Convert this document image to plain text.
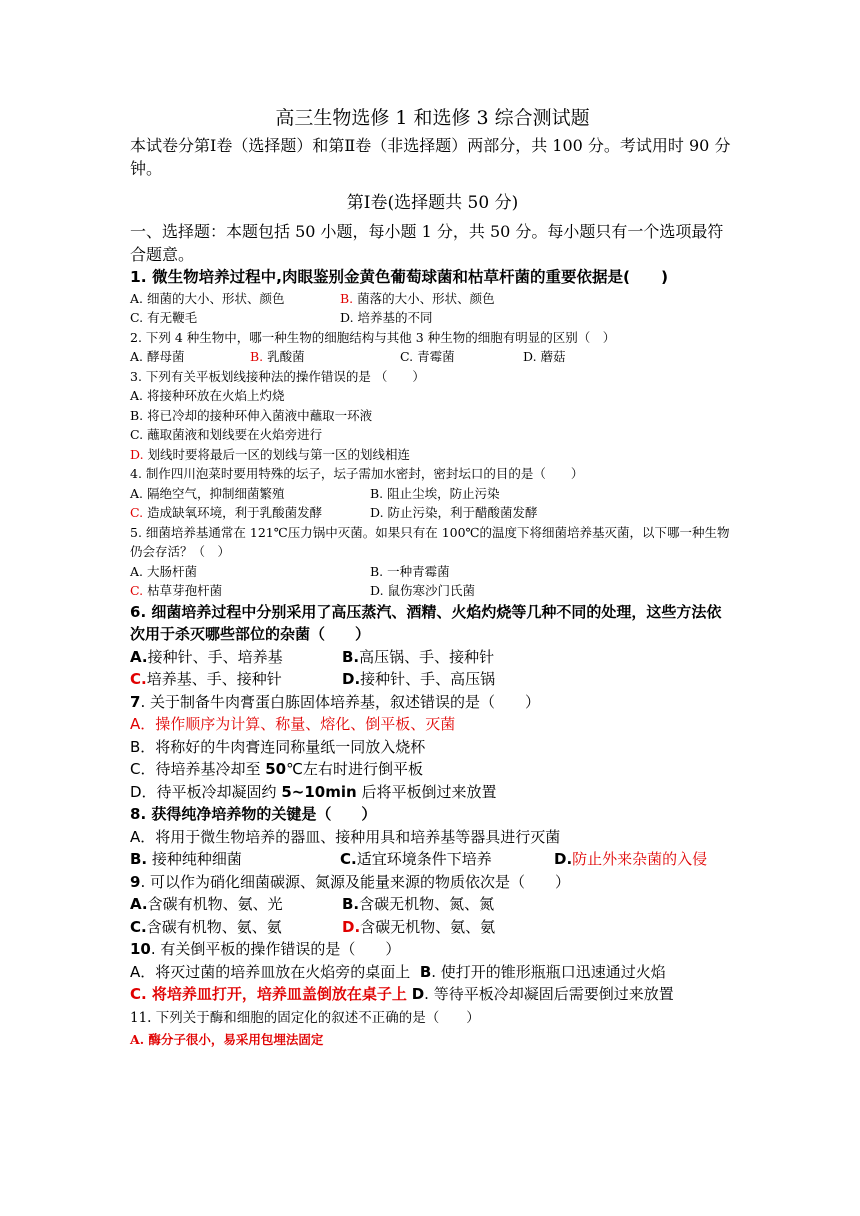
高三生物选修 1 和选修 3 综合测试题
本试卷分第Ⅰ卷（选择题）和第Ⅱ卷（非选择题）两部分，共 100 分。考试用时 90 分钟。
第Ⅰ卷(选择题共 50 分)
一、选择题：本题包括 50 小题，每小题 1 分，共 50 分。每小题只有一个选项最符合题意。
1. 微生物培养过程中,肉眼鉴别金黄色葡萄球菌和枯草杆菌的重要依据是(　　)
A. 细菌的大小、形状、颜色	B. 菌落的大小、形状、颜色
C. 有无鞭毛	D. 培养基的不同
2. 下列 4 种生物中，哪一种生物的细胞结构与其他 3 种生物的细胞有明显的区别（　）
A. 酵母菌	B. 乳酸菌	C. 青霉菌	D. 蘑菇
3. 下列有关平板划线接种法的操作错误的是 （　　）
A. 将接种环放在火焰上灼烧
B. 将已冷却的接种环伸入菌液中蘸取一环液
C. 蘸取菌液和划线要在火焰旁进行
D. 划线时要将最后一区的划线与第一区的划线相连
4. 制作四川泡菜时要用特殊的坛子，坛子需加水密封，密封坛口的目的是（　　）
A. 隔绝空气，抑制细菌繁殖	B. 阻止尘埃，防止污染
C. 造成缺氧环境，利于乳酸菌发酵	D. 防止污染，利于醋酸菌发酵
5. 细菌培养基通常在 121℃压力锅中灭菌。如果只有在 100℃的温度下将细菌培养基灭菌，以下哪一种生物仍会存活？（　）
A. 大肠杆菌	B. 一种青霉菌
C. 枯草芽孢杆菌	D. 鼠伤寒沙门氏菌
6. 细菌培养过程中分别采用了高压蒸汽、酒精、火焰灼烧等几种不同的处理，这些方法依次用于杀灭哪些部位的杂菌（　　）
A.接种针、手、培养基	B.高压锅、手、接种针
C.培养基、手、接种针	D.接种针、手、高压锅
7. 关于制备牛肉膏蛋白胨固体培养基，叙述错误的是（　　）
A．操作顺序为计算、称量、熔化、倒平板、灭菌
B．将称好的牛肉膏连同称量纸一同放入烧杯
C．待培养基冷却至 50℃左右时进行倒平板
D．待平板冷却凝固约 5~10min 后将平板倒过来放置
8. 获得纯净培养物的关键是（　　）
A．将用于微生物培养的器皿、接种用具和培养基等器具进行灭菌
B. 接种纯种细菌	C.适宜环境条件下培养	D.防止外来杂菌的入侵
9. 可以作为硝化细菌碳源、氮源及能量来源的物质依次是（　　）
A.含碳有机物、氨、光	B.含碳无机物、氮、氮
C.含碳有机物、氨、氨	D.含碳无机物、氨、氨
10. 有关倒平板的操作错误的是（　　）
A．将灭过菌的培养皿放在火焰旁的桌面上 B. 使打开的锥形瓶瓶口迅速通过火焰
C. 将培养皿打开，培养皿盖倒放在桌子上 D. 等待平板冷却凝固后需要倒过来放置
11. 下列关于酶和细胞的固定化的叙述不正确的是（　　）
A. 酶分子很小，易采用包埋法固定
